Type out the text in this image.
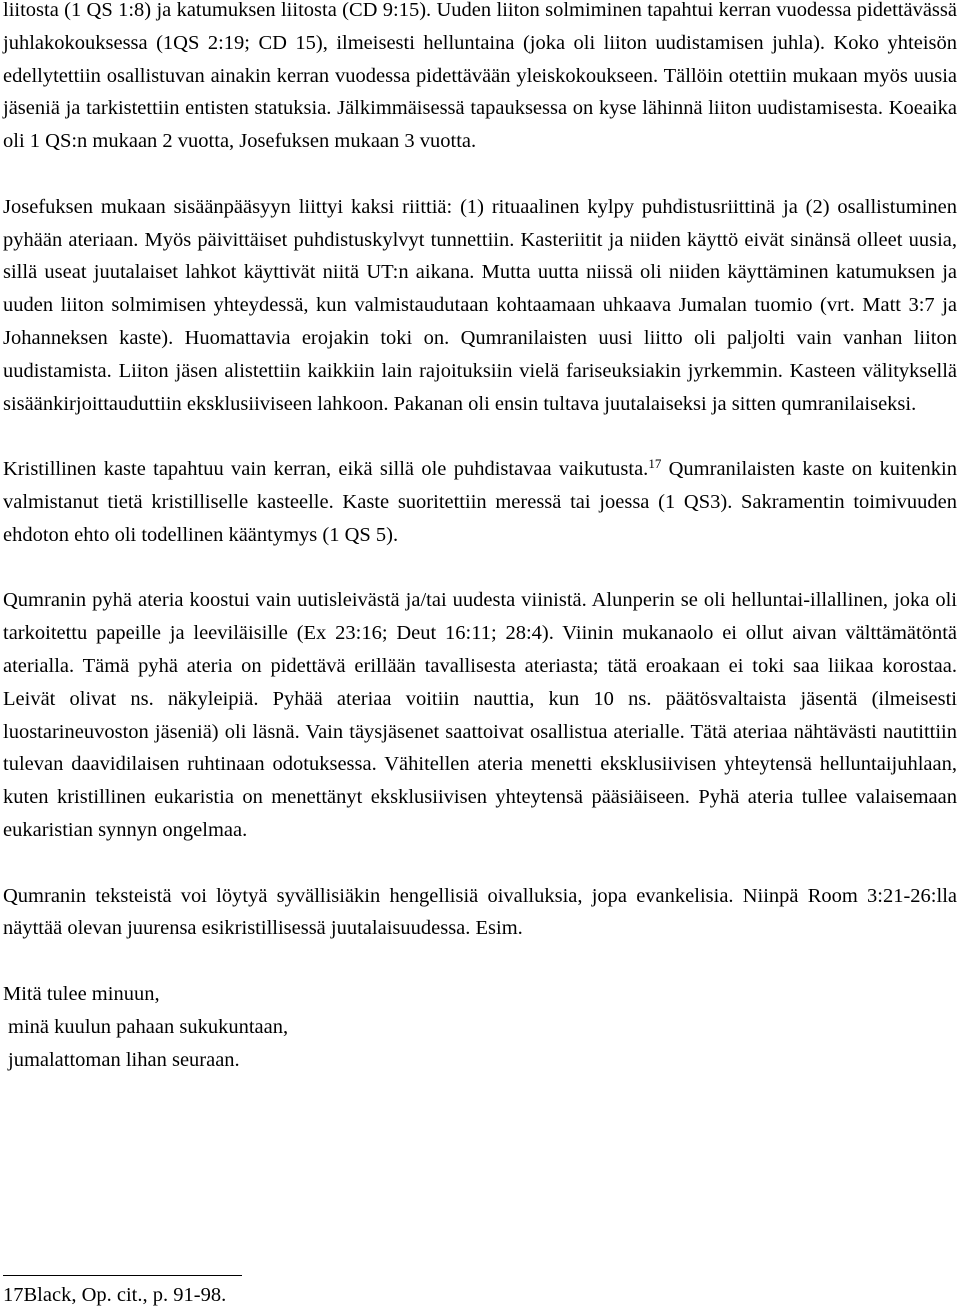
liitosta (1 QS 1:8) ja katumuksen liitosta (CD 9:15). Uuden liiton solmiminen tapahtui kerran vuodessa pidettävässä juhlakokouksessa (1QS 2:19; CD 15), ilmeisesti helluntaina (joka oli liiton uudistamisen juhla). Koko yhteisön edellytettiin osallistuvan ainakin kerran vuodessa pidettävään yleiskokoukseen. Tällöin otettiin mukaan myös uusia jäseniä ja tarkistettiin entisten statuksia. Jälkimmäisessä tapauksessa on kyse lähinnä liiton uudistamisesta. Koeaika oli 1 QS:n mukaan 2 vuotta, Josefuksen mukaan 3 vuotta.

Josefuksen mukaan sisäänpääsyyn liittyi kaksi riittiä: (1) rituaalinen kylpy puhdistusriittinä ja (2) osallistuminen pyhään ateriaan. Myös päivittäiset puhdistuskylvyt tunnettiin. Kasteriitit ja niiden käyttö eivät sinänsä olleet uusia, sillä useat juutalaiset lahkot käyttivät niitä UT:n aikana. Mutta uutta niissä oli niiden käyttäminen katumuksen ja uuden liiton solmimisen yhteydessä, kun valmistaudutaan kohtaamaan uhkaava Jumalan tuomio (vrt. Matt 3:7 ja Johanneksen kaste). Huomattavia erojakin toki on. Qumranilaisten uusi liitto oli paljolti vain vanhan liiton uudistamista. Liiton jäsen alistettiin kaikkiin lain rajoituksiin vielä fariseuksiakin jyrkemmin. Kasteen välityksellä sisäänkirjoittauduttiin eksklusiiviseen lahkoon. Pakanan oli ensin tultava juutalaiseksi ja sitten qumranilaiseksi.

Kristillinen kaste tapahtuu vain kerran, eikä sillä ole puhdistavaa vaikutusta.$^{17}$ Qumranilaisten kaste on kuitenkin valmistanut tietä kristilliselle kasteelle. Kaste suoritettiin meressä tai joessa (1 QS3). Sakramentin toimivuuden ehdoton ehto oli todellinen kääntymys (1 QS 5).

Qumranin pyhä ateria koostui vain uutisleivästä ja/tai uudesta viinistä. Alunperin se oli helluntai-illallinen, joka oli tarkoitettu papeille ja leeviläisille (Ex 23:16; Deut 16:11; 28:4). Viinin mukanaolo ei ollut aivan välttämätöntä aterialla. Tämä pyhä ateria on pidettävä erillään tavallisesta ateriasta; tätä eroakaan ei toki saa liikaa korostaa. Leivät olivat ns. näkyleipiä. Pyhää ateriaa voitiin nauttia, kun 10 ns. päätösvaltaista jäsentä (ilmeisesti luostarineuvoston jäseniä) oli läsnä. Vain täysjäsenet saattoivat osallistua aterialle. Tätä ateriaa nähtävästi nautittiin tulevan daavidilaisen ruhtinaan odotuksessa. Vähitellen ateria menetti eksklusiivisen yhteytensä helluntaijuhlaan, kuten kristillinen eukaristia on menettänyt eksklusiivisen yhteytensä pääsiäiseen. Pyhä ateria tullee valaisemaan eukaristian synnyn ongelmaa.

Qumranin teksteistä voi löytyä syvällisiäkin hengellisiä oivalluksia, jopa evankelisia. Niinpä Room 3:21-26:lla näyttää olevan juurensa esikristillisessä juutalaisuudessa. Esim.

Mitä tulee minuun,

minä kuulun pahaan sukukuntaan,

jumalattoman lihan seuraan.

17Black, Op. cit., p. 91-98.
